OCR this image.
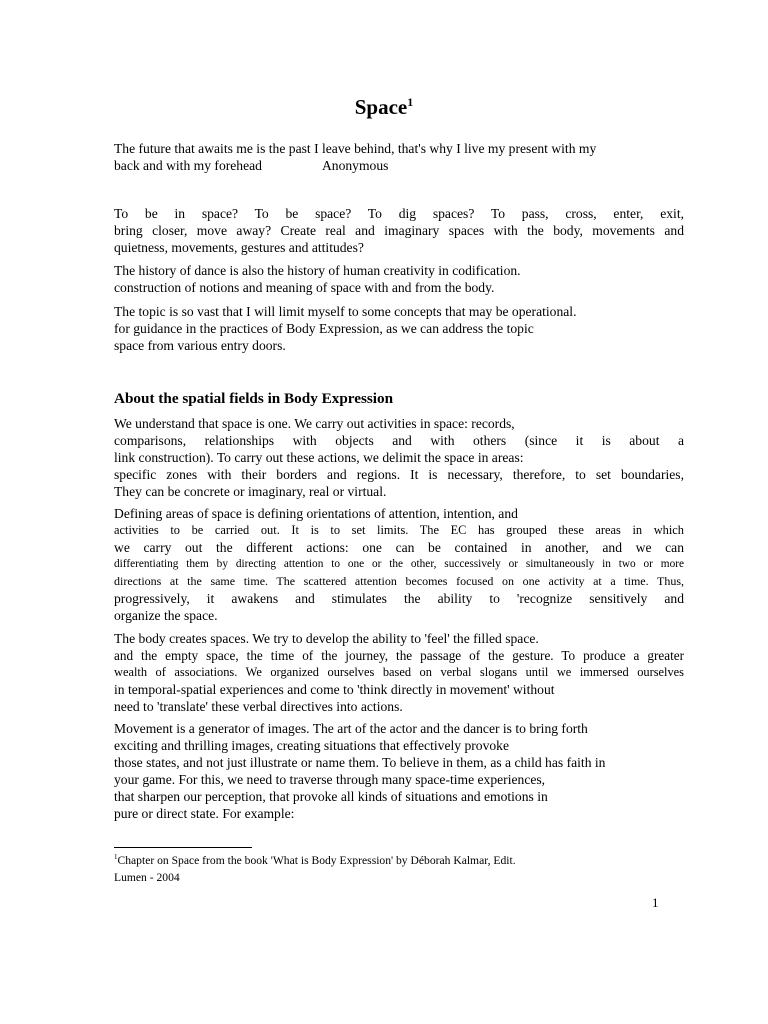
Space$^1$
The future that awaits me is the past I leave behind, that's why I live my present with my
back and with my forehead	Anonymous
To be in space? To be space? To dig spaces? To pass, cross, enter, exit,
bring closer, move away? Create real and imaginary spaces with the body, movements and
quietness, movements, gestures and attitudes?
The history of dance is also the history of human creativity in codification.
construction of notions and meaning of space with and from the body.
The topic is so vast that I will limit myself to some concepts that may be operational.
for guidance in the practices of Body Expression, as we can address the topic
space from various entry doors.
About the spatial fields in Body Expression
We understand that space is one. We carry out activities in space: records,
comparisons, relationships with objects and with others (since it is about a
link construction). To carry out these actions, we delimit the space in areas:
specific zones with their borders and regions. It is necessary, therefore, to set boundaries,
They can be concrete or imaginary, real or virtual.
Defining areas of space is defining orientations of attention, intention, and
activities to be carried out. It is to set limits. The EC has grouped these areas in which
we carry out the different actions: one can be contained in another, and we can
differentiating them by directing attention to one or the other, successively or simultaneously in two or more
directions at the same time. The scattered attention becomes focused on one activity at a time. Thus,
progressively, it awakens and stimulates the ability to 'recognize sensitively and
organize the space.
The body creates spaces. We try to develop the ability to 'feel' the filled space.
and the empty space, the time of the journey, the passage of the gesture. To produce a greater
wealth of associations. We organized ourselves based on verbal slogans until we immersed ourselves
in temporal-spatial experiences and come to 'think directly in movement' without
need to 'translate' these verbal directives into actions.
Movement is a generator of images. The art of the actor and the dancer is to bring forth
exciting and thrilling images, creating situations that effectively provoke
those states, and not just illustrate or name them. To believe in them, as a child has faith in
your game. For this, we need to traverse through many space-time experiences,
that sharpen our perception, that provoke all kinds of situations and emotions in
pure or direct state. For example:
$^1$Chapter on Space from the book 'What is Body Expression' by Déborah Kalmar, Edit.
Lumen - 2004
1
